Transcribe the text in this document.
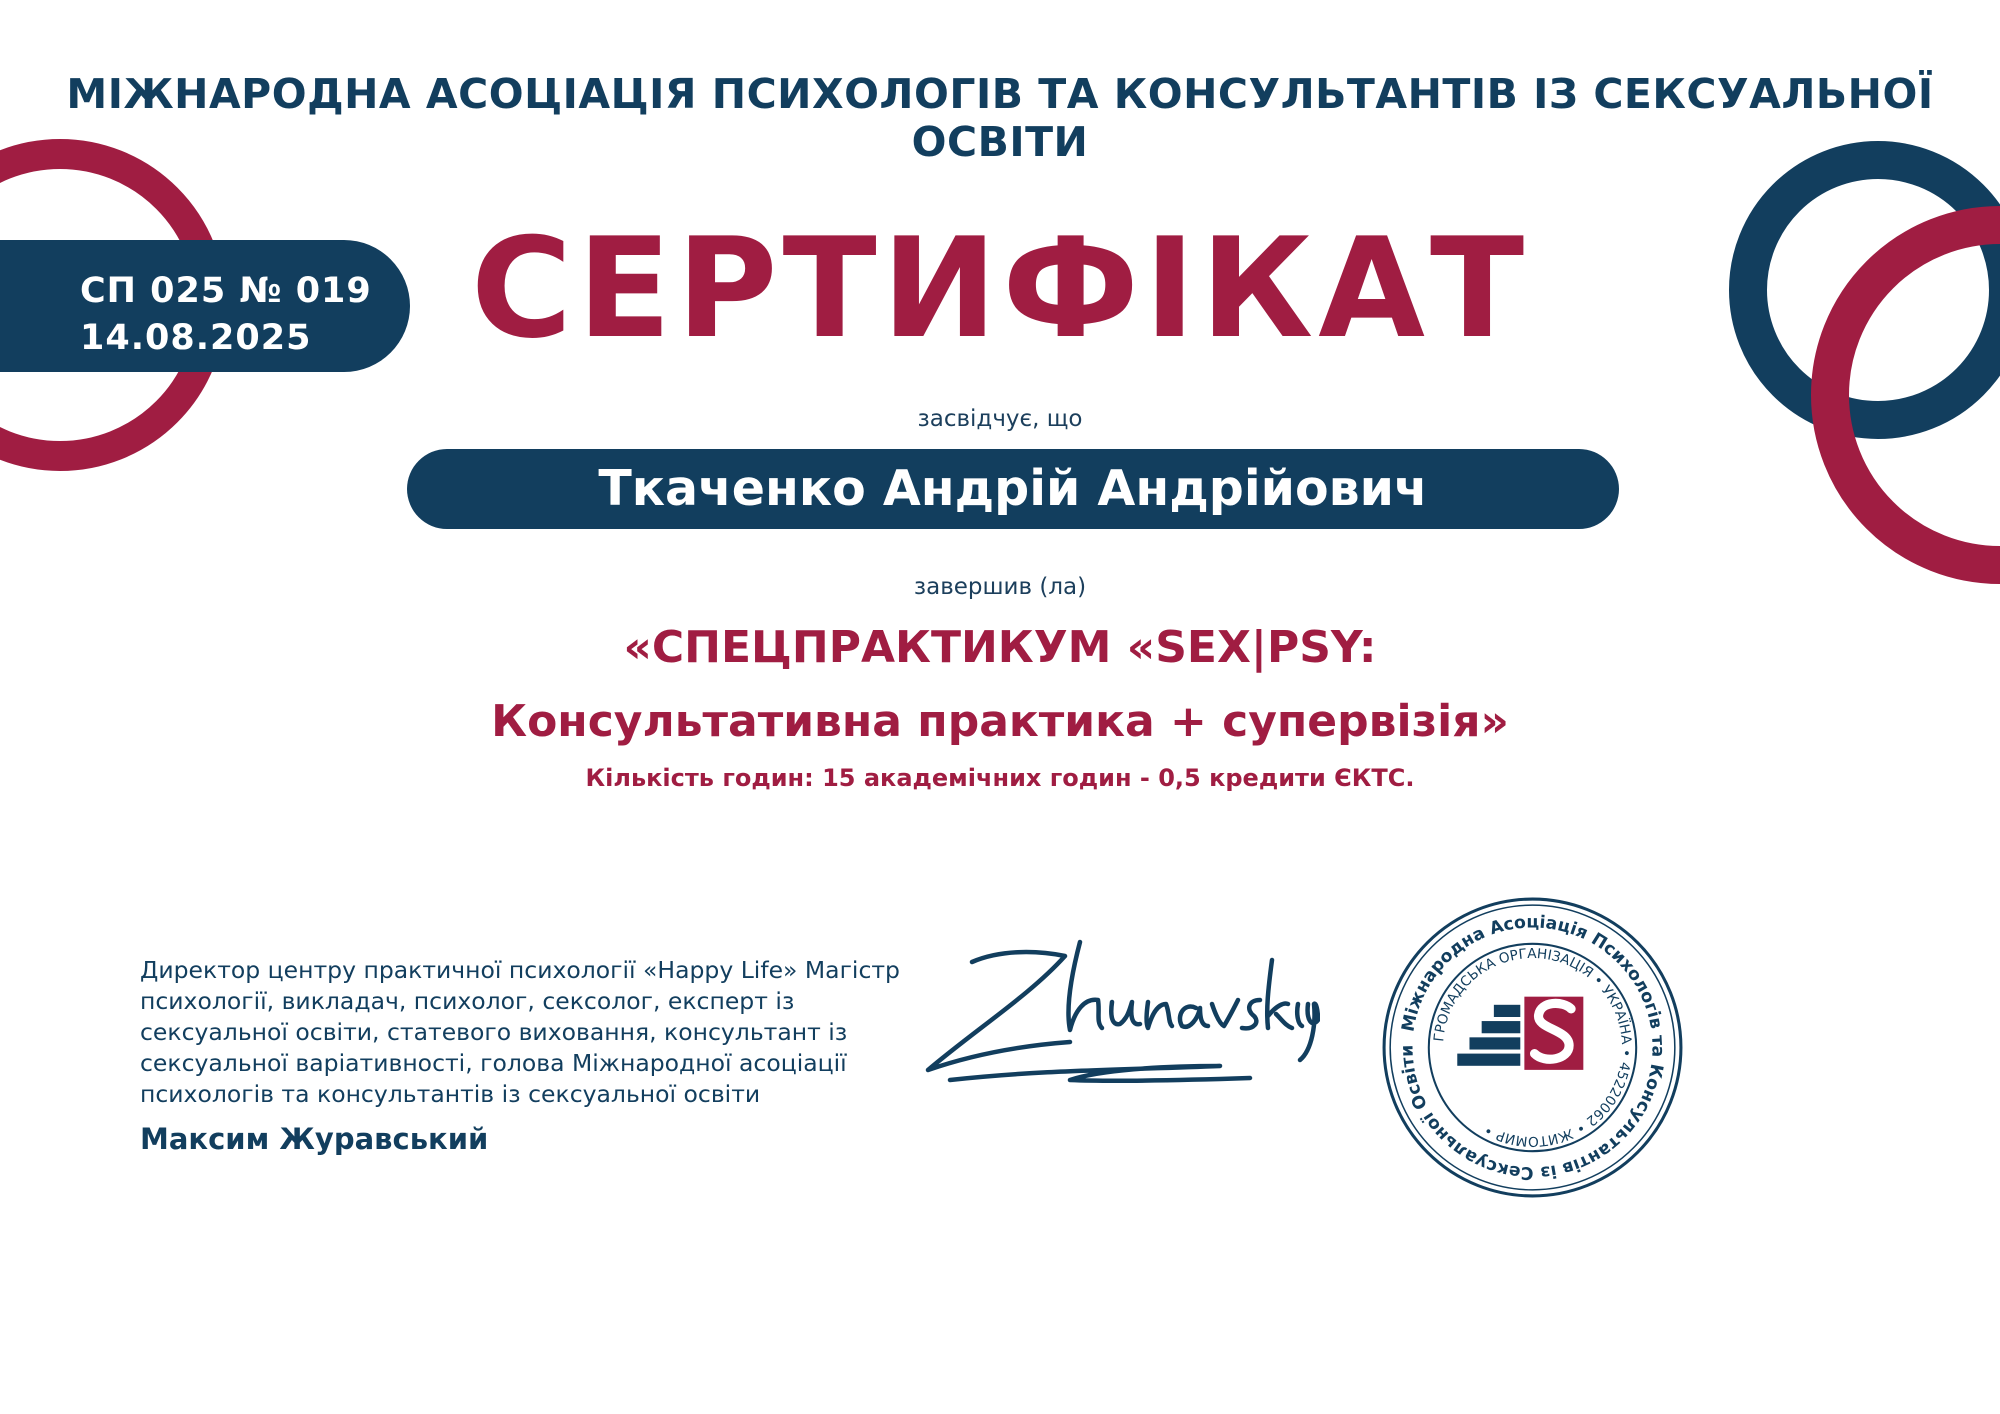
МІЖНАРОДНА АСОЦІАЦІЯ ПСИХОЛОГІВ ТА КОНСУЛЬТАНТІВ ІЗ СЕКСУАЛЬНОЇ ОСВІТИ
СП 025 № 019
14.08.2025	СЕРТИФІКАТ
засвідчує, що
Ткаченко Андрій Андрійович
завершив (ла)
«СПЕЦПРАКТИКУМ «SEX|PSY:
Консультативна практика + супервізія»
Кількість годин: 15 академічних годин - 0,5 кредити ЄКТС.
Директор центру практичної психології «Happy Life» Магістр психології, викладач, психолог, сексолог, експерт із сексуальної освіти, статевого виховання, консультант із сексуальної варіативності, голова Міжнародної асоціації психологів та консультантів із сексуальної освіти
Максим Журавський
Міжнародна Асоціація Психологів та Консультантів із Сексуальної Освіти
ГРОМАДСЬКА ОРГАНІЗАЦІЯ • УКРАЇНА • 45220062 • ЖИТОМИР •
